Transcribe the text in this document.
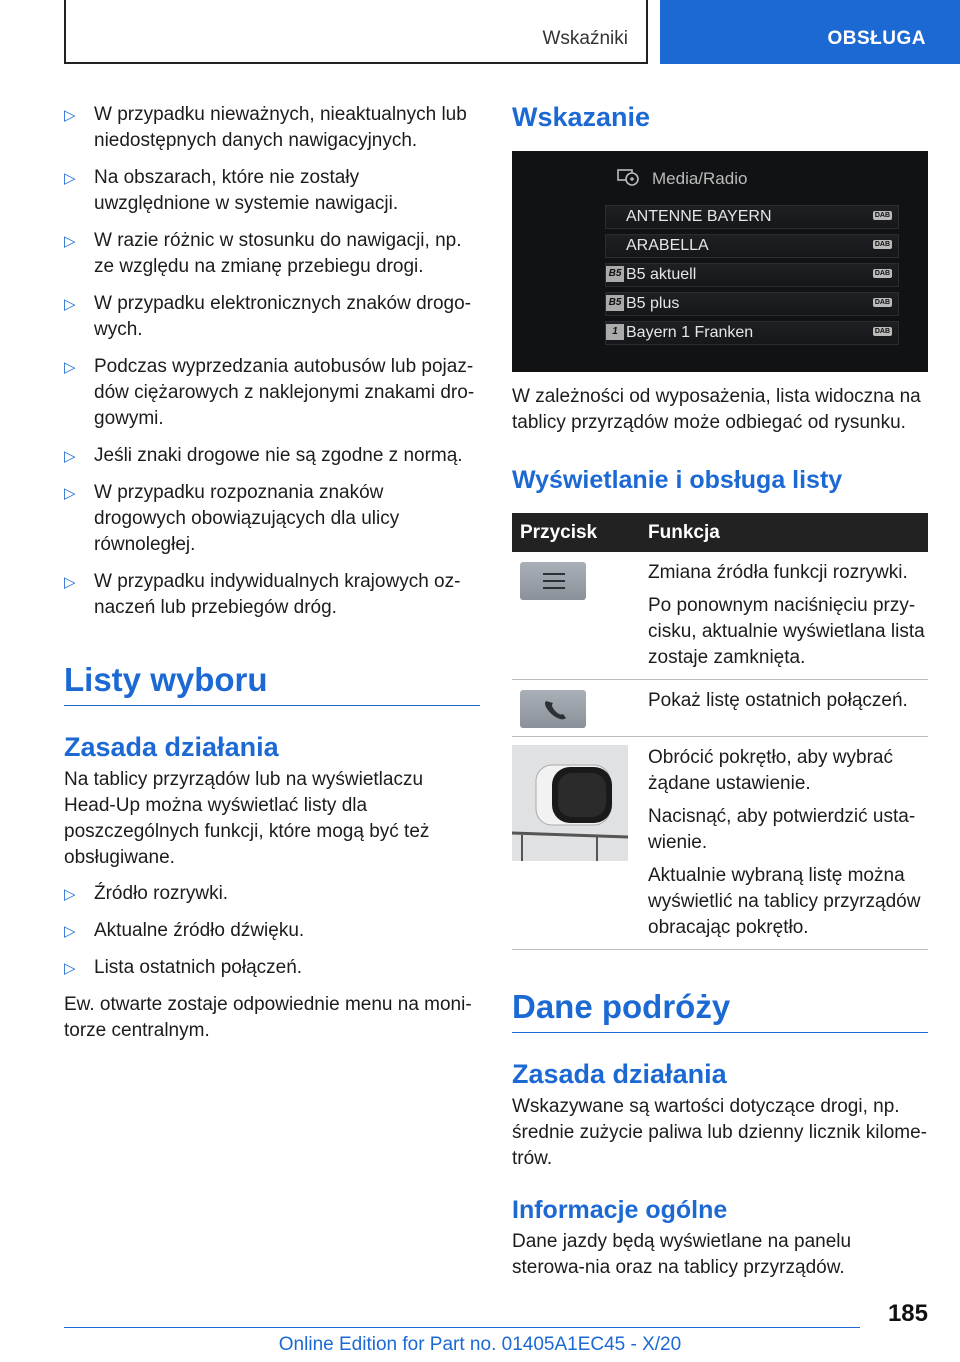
Wskaźniki	OBSŁUGA
▷ W przypadku nieważnych, nieaktualnych lub niedostępnych danych nawigacyjnych.
▷ Na obszarach, które nie zostały uwzględnione w systemie nawigacji.
▷ W razie różnic w stosunku do nawigacji, np. ze względu na zmianę przebiegu drogi.
▷ W przypadku elektronicznych znaków drogo‐wych.
▷ Podczas wyprzedzania autobusów lub pojaz‐dów ciężarowych z naklejonymi znakami dro‐gowymi.
▷ Jeśli znaki drogowe nie są zgodne z normą.
▷ W przypadku rozpoznania znaków drogowych obowiązujących dla ulicy równoległej.
▷ W przypadku indywidualnych krajowych oz‐naczeń lub przebiegów dróg.
Listy wyboru
Zasada działania

Na tablicy przyrządów lub na wyświetlaczu Head-Up można wyświetlać listy dla poszczególnych funkcji, które mogą być też obsługiwane.

▷ Źródło rozrywki.
▷ Aktualne źródło dźwięku.
▷ Lista ostatnich połączeń.

Ew. otwarte zostaje odpowiednie menu na moni‐torze centralnym.

Wskazanie
Media/Radio
ANTENNE BAYERN	DAB
ARABELLA	DAB
B5 B5 aktuell	DAB
B5 B5 plus	DAB
1 Bayern 1 Franken	DAB

W zależności od wyposażenia, lista widoczna na tablicy przyrządów może odbiegać od rysunku.

Wyświetlanie i obsługa listy
Przycisk	Funkcja

Zmiana źródła funkcji rozrywki.

Po ponownym naciśnięciu przy‐cisku, aktualnie wyświetlana lista zostaje zamknięta.

Pokaż listę ostatnich połączeń.

Obrócić pokrętło, aby wybrać żądane ustawienie.

Nacisnąć, aby potwierdzić usta‐wienie.

Aktualnie wybraną listę można wyświetlić na tablicy przyrządów obracając pokrętło.

Dane podróży
Zasada działania

Wskazywane są wartości dotyczące drogi, np. średnie zużycie paliwa lub dzienny licznik kilome‐trów.

Informacje ogólne

Dane jazdy będą wyświetlane na panelu sterowa‐nia oraz na tablicy przyrządów.

185
Online Edition for Part no. 01405A1EC45 - X/20
